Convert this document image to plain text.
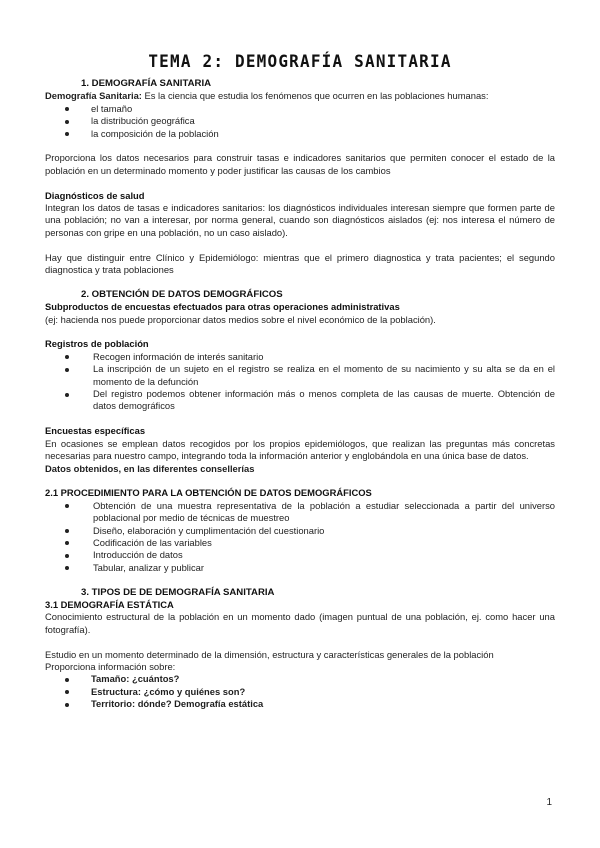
TEMA 2: DEMOGRAFÍA SANITARIA
1. DEMOGRAFÍA SANITARIA

Demografía Sanitaria: Es la ciencia que estudia los fenómenos que ocurren en las poblaciones humanas:

el tamaño
la distribución geográfica
la composición de la población

Proporciona los datos necesarios para construir tasas e indicadores sanitarios que permiten conocer el estado de la población en un determinado momento y poder justificar las causas de los cambios

Diagnósticos de salud

Integran los datos de tasas e indicadores sanitarios: los diagnósticos individuales interesan siempre que formen parte de una población; no van a interesar, por norma general, cuando son diagnósticos aislados (ej: nos interesa el número de personas con gripe en una población, no un caso aislado).

Hay que distinguir entre Clínico y Epidemiólogo: mientras que el primero diagnostica y trata pacientes; el segundo diagnostica y trata poblaciones

2. OBTENCIÓN DE DATOS DEMOGRÁFICOS
Subproductos de encuestas efectuados para otras operaciones administrativas

(ej: hacienda nos puede proporcionar datos medios sobre el nivel económico de la población).

Registros de población
Recogen información de interés sanitario
La inscripción de un sujeto en el registro se realiza en el momento de su nacimiento y su alta se da en el momento de la defunción
Del registro podemos obtener información más o menos completa de las causas de muerte. Obtención de datos demográficos
Encuestas específicas

En ocasiones se emplean datos recogidos por los propios epidemiólogos, que realizan las preguntas más concretas necesarias para nuestro campo, integrando toda la información anterior y englobándola en una única base de datos.

Datos obtenidos, en las diferentes consellerías

2.1 PROCEDIMIENTO PARA LA OBTENCIÓN DE DATOS DEMOGRÁFICOS
Obtención de una muestra representativa de la población a estudiar seleccionada a partir del universo poblacional por medio de técnicas de muestreo
Diseño, elaboración y cumplimentación del cuestionario
Codificación de las variables
Introducción de datos
Tabular, analizar y publicar
3. TIPOS DE DE DEMOGRAFÍA SANITARIA
3.1 DEMOGRAFÍA ESTÁTICA

Conocimiento estructural de la población en un momento dado (imagen puntual de una población, ej. como hacer una fotografía).

Estudio en un momento determinado de la dimensión, estructura y características generales de la población

Proporciona información sobre:

Tamaño: ¿cuántos?
Estructura: ¿cómo y quiénes son?
Territorio: dónde? Demografía estática
1
